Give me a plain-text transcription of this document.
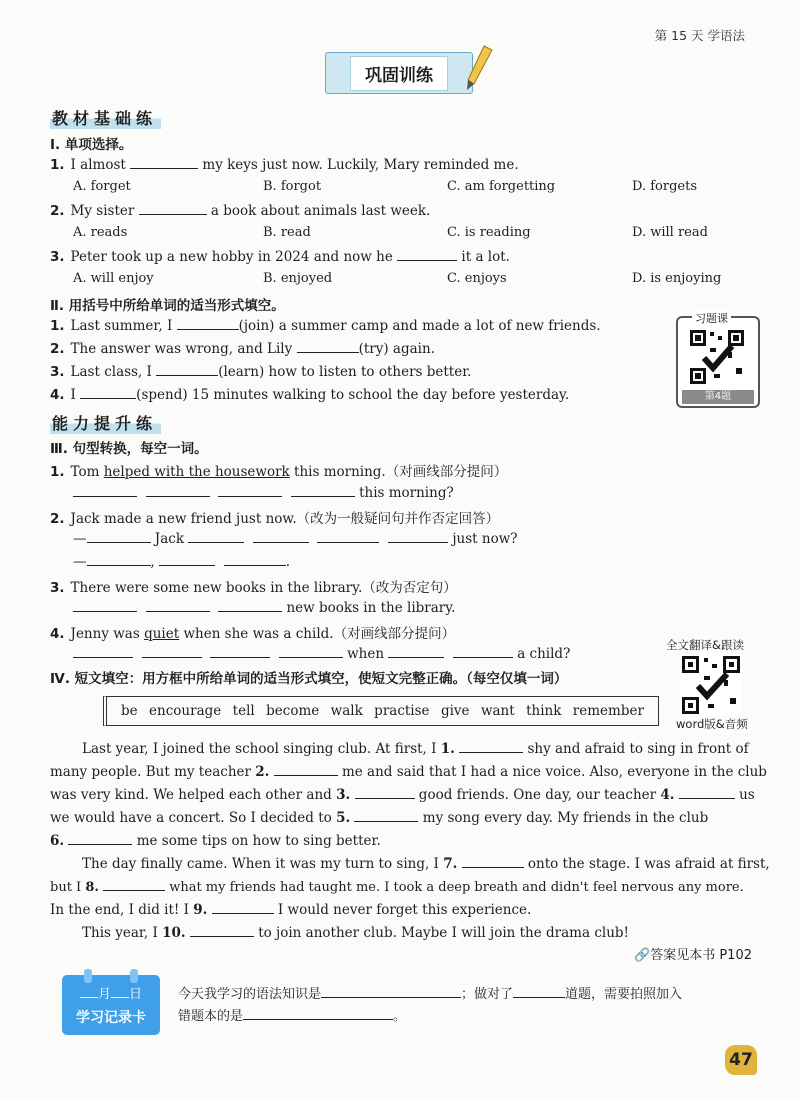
第 15 天 学语法
巩固训练
教材基础练
Ⅰ. 单项选择。
1. I almost	my keys just now. Luckily, Mary reminded me.
A. forget	B. forgot	C. am forgetting	D. forgets
2. My sister	a book about animals last week.
A. reads	B. read	C. is reading	D. will read
3. Peter took up a new hobby in 2024 and now he	it a lot.
A. will enjoy	B. enjoyed	C. enjoys	D. is enjoying
Ⅱ. 用括号中所给单词的适当形式填空。
1. Last summer, I	(join) a summer camp and made a lot of new friends.
2. The answer was wrong, and Lily	(try) again.
3. Last class, I	(learn) how to listen to others better.
4. I	(spend) 15 minutes walking to school the day before yesterday.
习题课
第4题
能力提升练
Ⅲ. 句型转换，每空一词。
1. Tom helped with the housework this morning.（对画线部分提问）
this morning?
2. Jack made a new friend just now.（改为一般疑问句并作否定回答）
—	Jack	just now?
—	,	.
3. There were some new books in the library.（改为否定句）
new books in the library.
4. Jenny was quiet when she was a child.（对画线部分提问）
when	a child?
全文翻译&跟读
word版&音频
Ⅳ. 短文填空：用方框中所给单词的适当形式填空，使短文完整正确。（每空仅填一词）
be encourage tell become walk practise give want think remember
Last year, I joined the school singing club. At first, I 1.	shy and afraid to sing in front of
many people. But my teacher 2.	me and said that I had a nice voice. Also, everyone in the club
was very kind. We helped each other and 3.	good friends. One day, our teacher 4.	us
we would have a concert. So I decided to 5.	my song every day. My friends in the club
6.	me some tips on how to sing better.
The day finally came. When it was my turn to sing, I 7.	onto the stage. I was afraid at first,
but I 8.	what my friends had taught me. I took a deep breath and didn't feel nervous any more.
In the end, I did it! I 9.	I would never forget this experience.
This year, I 10.	to join another club. Maybe I will join the drama club!
🔗答案见本书 P102
月 日
学习记录卡
今天我学习的语法知识是	；做对了	道题，需要拍照加入
错题本的是	。
47
